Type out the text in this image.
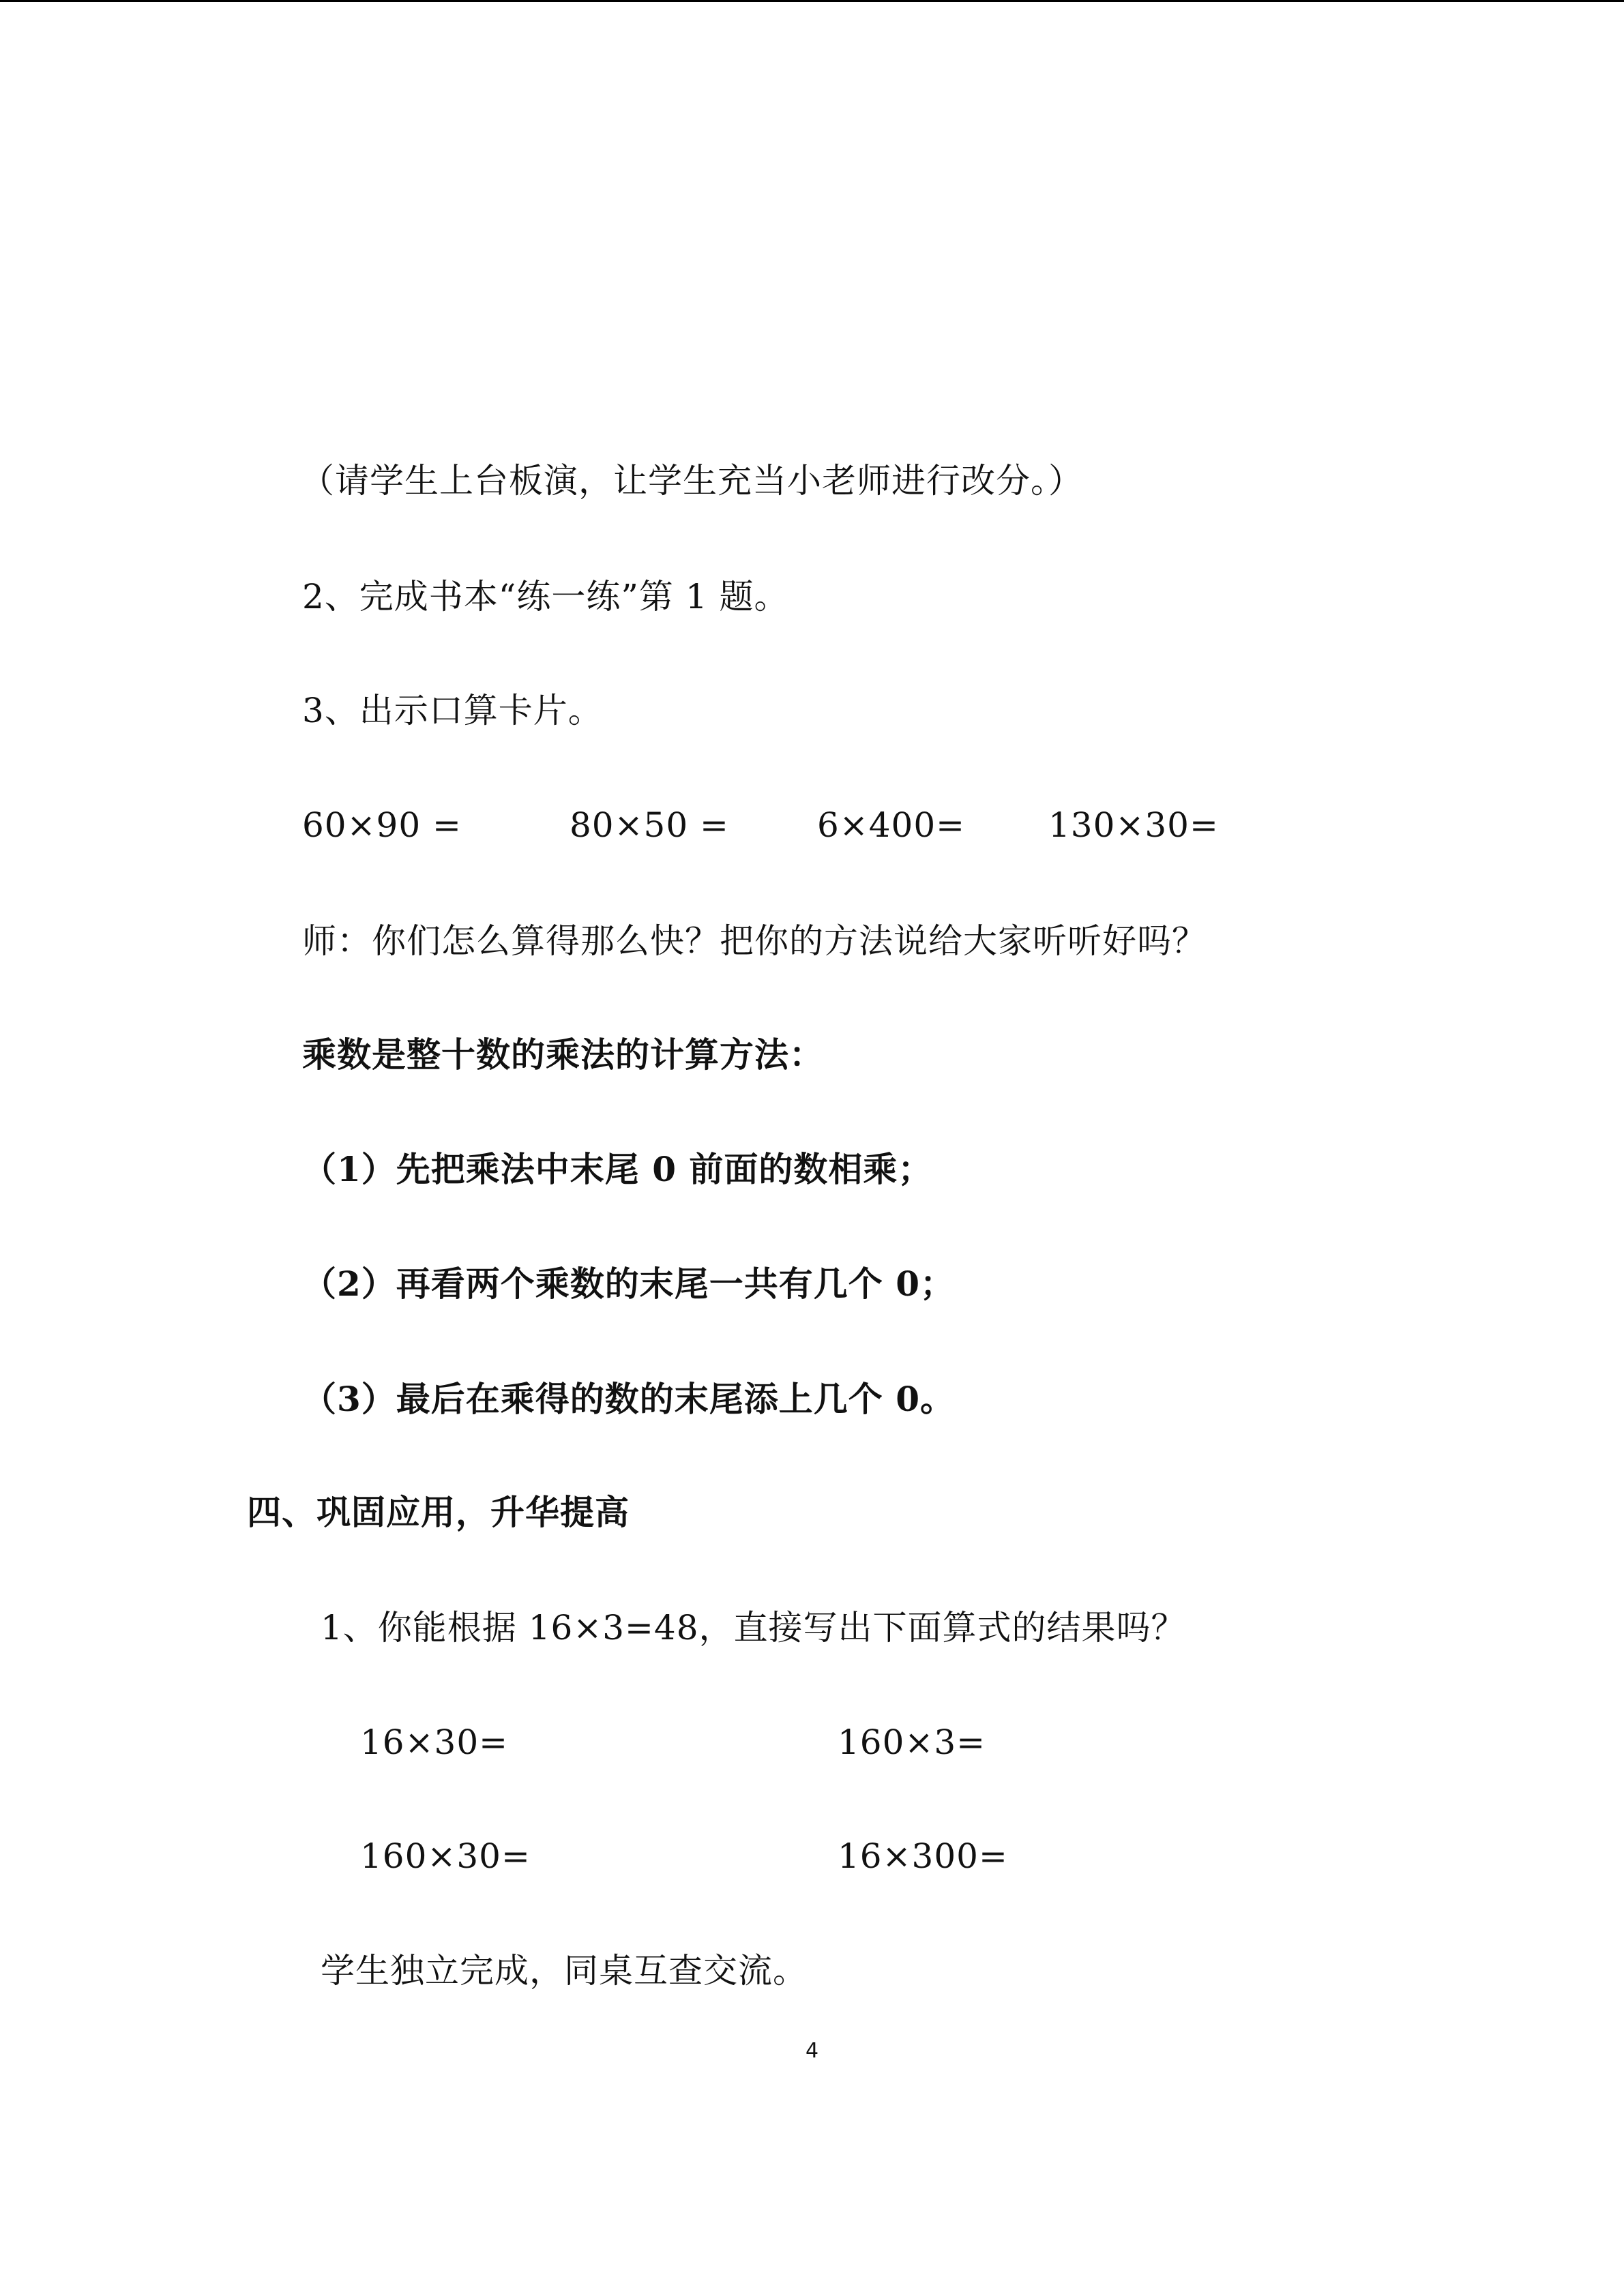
（请学生上台板演，让学生充当小老师进行改分。）
2、完成书本“练一练”第 1 题。
3、出示口算卡片。
60×90 =	80×50 =	6×400= 130×30=
师：你们怎么算得那么快？把你的方法说给大家听听好吗？
乘数是整十数的乘法的计算方法：
（1）先把乘法中末尾 0 前面的数相乘；
（2）再看两个乘数的末尾一共有几个 0；
（3）最后在乘得的数的末尾添上几个 0。
四、巩固应用，升华提高
1、你能根据 16×3=48，直接写出下面算式的结果吗？
16×30=	160×3=
160×30=	16×300=
学生独立完成，同桌互查交流。
4
